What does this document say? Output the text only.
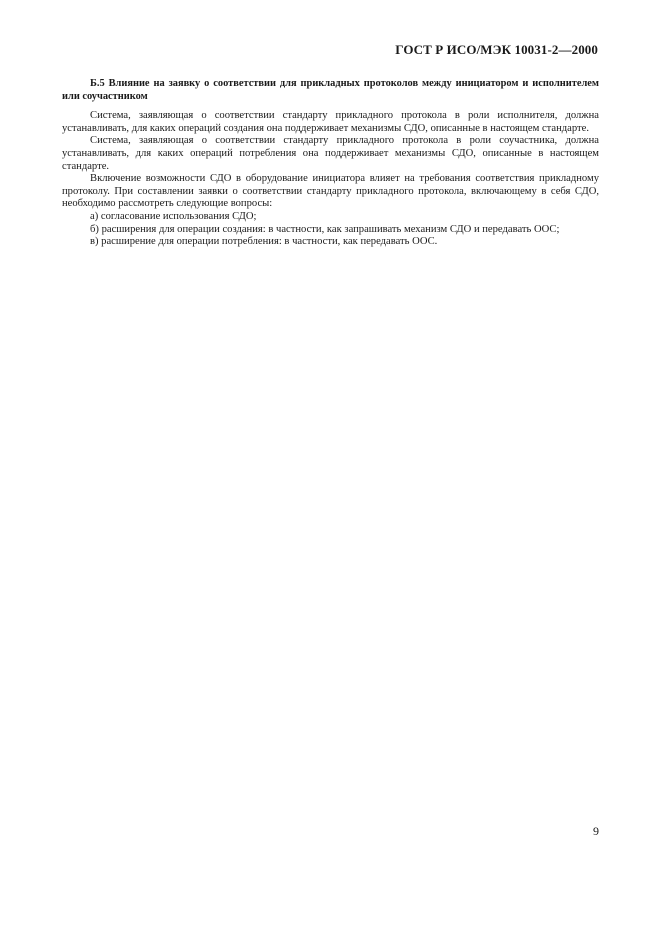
ГОСТ Р ИСО/МЭК 10031-2—2000
Б.5 Влияние на заявку о соответствии для прикладных протоколов между инициатором и исполнителем или соучастником

Система, заявляющая о соответствии стандарту прикладного протокола в роли исполнителя, должна устанавливать, для каких операций создания она поддерживает механизмы СДО, описанные в настоящем стандарте.

Система, заявляющая о соответствии стандарту прикладного протокола в роли соучастника, должна устанавливать, для каких операций потребления она поддерживает механизмы СДО, описанные в настоящем стандарте.

Включение возможности СДО в оборудование инициатора влияет на требования соответствия прикладному протоколу. При составлении заявки о соответствии стандарту прикладного протокола, включающему в себя СДО, необходимо рассмотреть следующие вопросы:

а) согласование использования СДО;
б) расширения для операции создания: в частности, как запрашивать механизм СДО и передавать ООС;
в) расширение для операции потребления: в частности, как передавать ООС.
9
